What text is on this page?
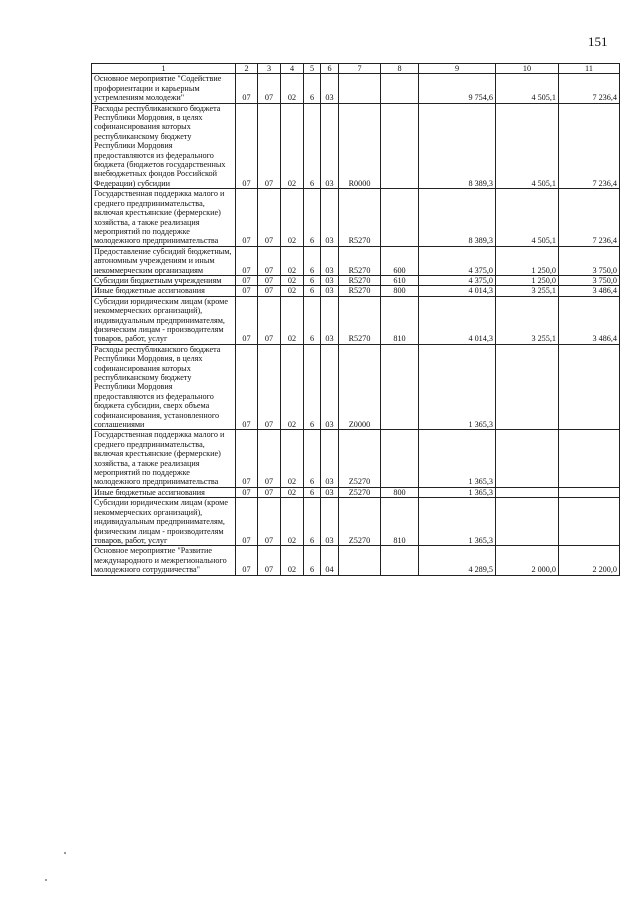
151
1	2	3	4	5	6	7	8	9	10	11
Основное мероприятие "Содействие профориентации и карьерным устремлениям молодежи"	07	07	02	6	03			9 754,6	4 505,1	7 236,4
Расходы республиканского бюджета Республики Мордовия, в целях софинансирования которых республиканскому бюджету Республики Мордовия предоставляются из федерального бюджета (бюджетов государственных внебюджетных фондов Российской Федерации) субсидии	07	07	02	6	03	R0000		8 389,3	4 505,1	7 236,4
Государственная поддержка малого и среднего предпринимательства, включая крестьянские (фермерские) хозяйства, а также реализация мероприятий по поддержке молодежного предпринимательства	07	07	02	6	03	R5270		8 389,3	4 505,1	7 236,4
Предоставление субсидий бюджетным, автономным учреждениям и иным некоммерческим организациям	07	07	02	6	03	R5270	600	4 375,0	1 250,0	3 750,0
Субсидии бюджетным учреждениям	07	07	02	6	03	R5270	610	4 375,0	1 250,0	3 750,0
Иные бюджетные ассигнования	07	07	02	6	03	R5270	800	4 014,3	3 255,1	3 486,4
Субсидии юридическим лицам (кроме некоммерческих организаций), индивидуальным предпринимателям, физическим лицам - производителям товаров, работ, услуг	07	07	02	6	03	R5270	810	4 014,3	3 255,1	3 486,4
Расходы республиканского бюджета Республики Мордовия, в целях софинансирования которых республиканскому бюджету Республики Мордовия предоставляются из федерального бюджета субсидии, сверх объема софинансирования, установленного соглашениями	07	07	02	6	03	Z0000		1 365,3		
Государственная поддержка малого и среднего предпринимательства, включая крестьянские (фермерские) хозяйства, а также реализация мероприятий по поддержке молодежного предпринимательства	07	07	02	6	03	Z5270		1 365,3		
Иные бюджетные ассигнования	07	07	02	6	03	Z5270	800	1 365,3		
Субсидии юридическим лицам (кроме некоммерческих организаций), индивидуальным предпринимателям, физическим лицам - производителям товаров, работ, услуг	07	07	02	6	03	Z5270	810	1 365,3		
Основное мероприятие "Развитие международного и межрегионального молодежного сотрудничества"	07	07	02	6	04			4 289,5	2 000,0	2 200,0
